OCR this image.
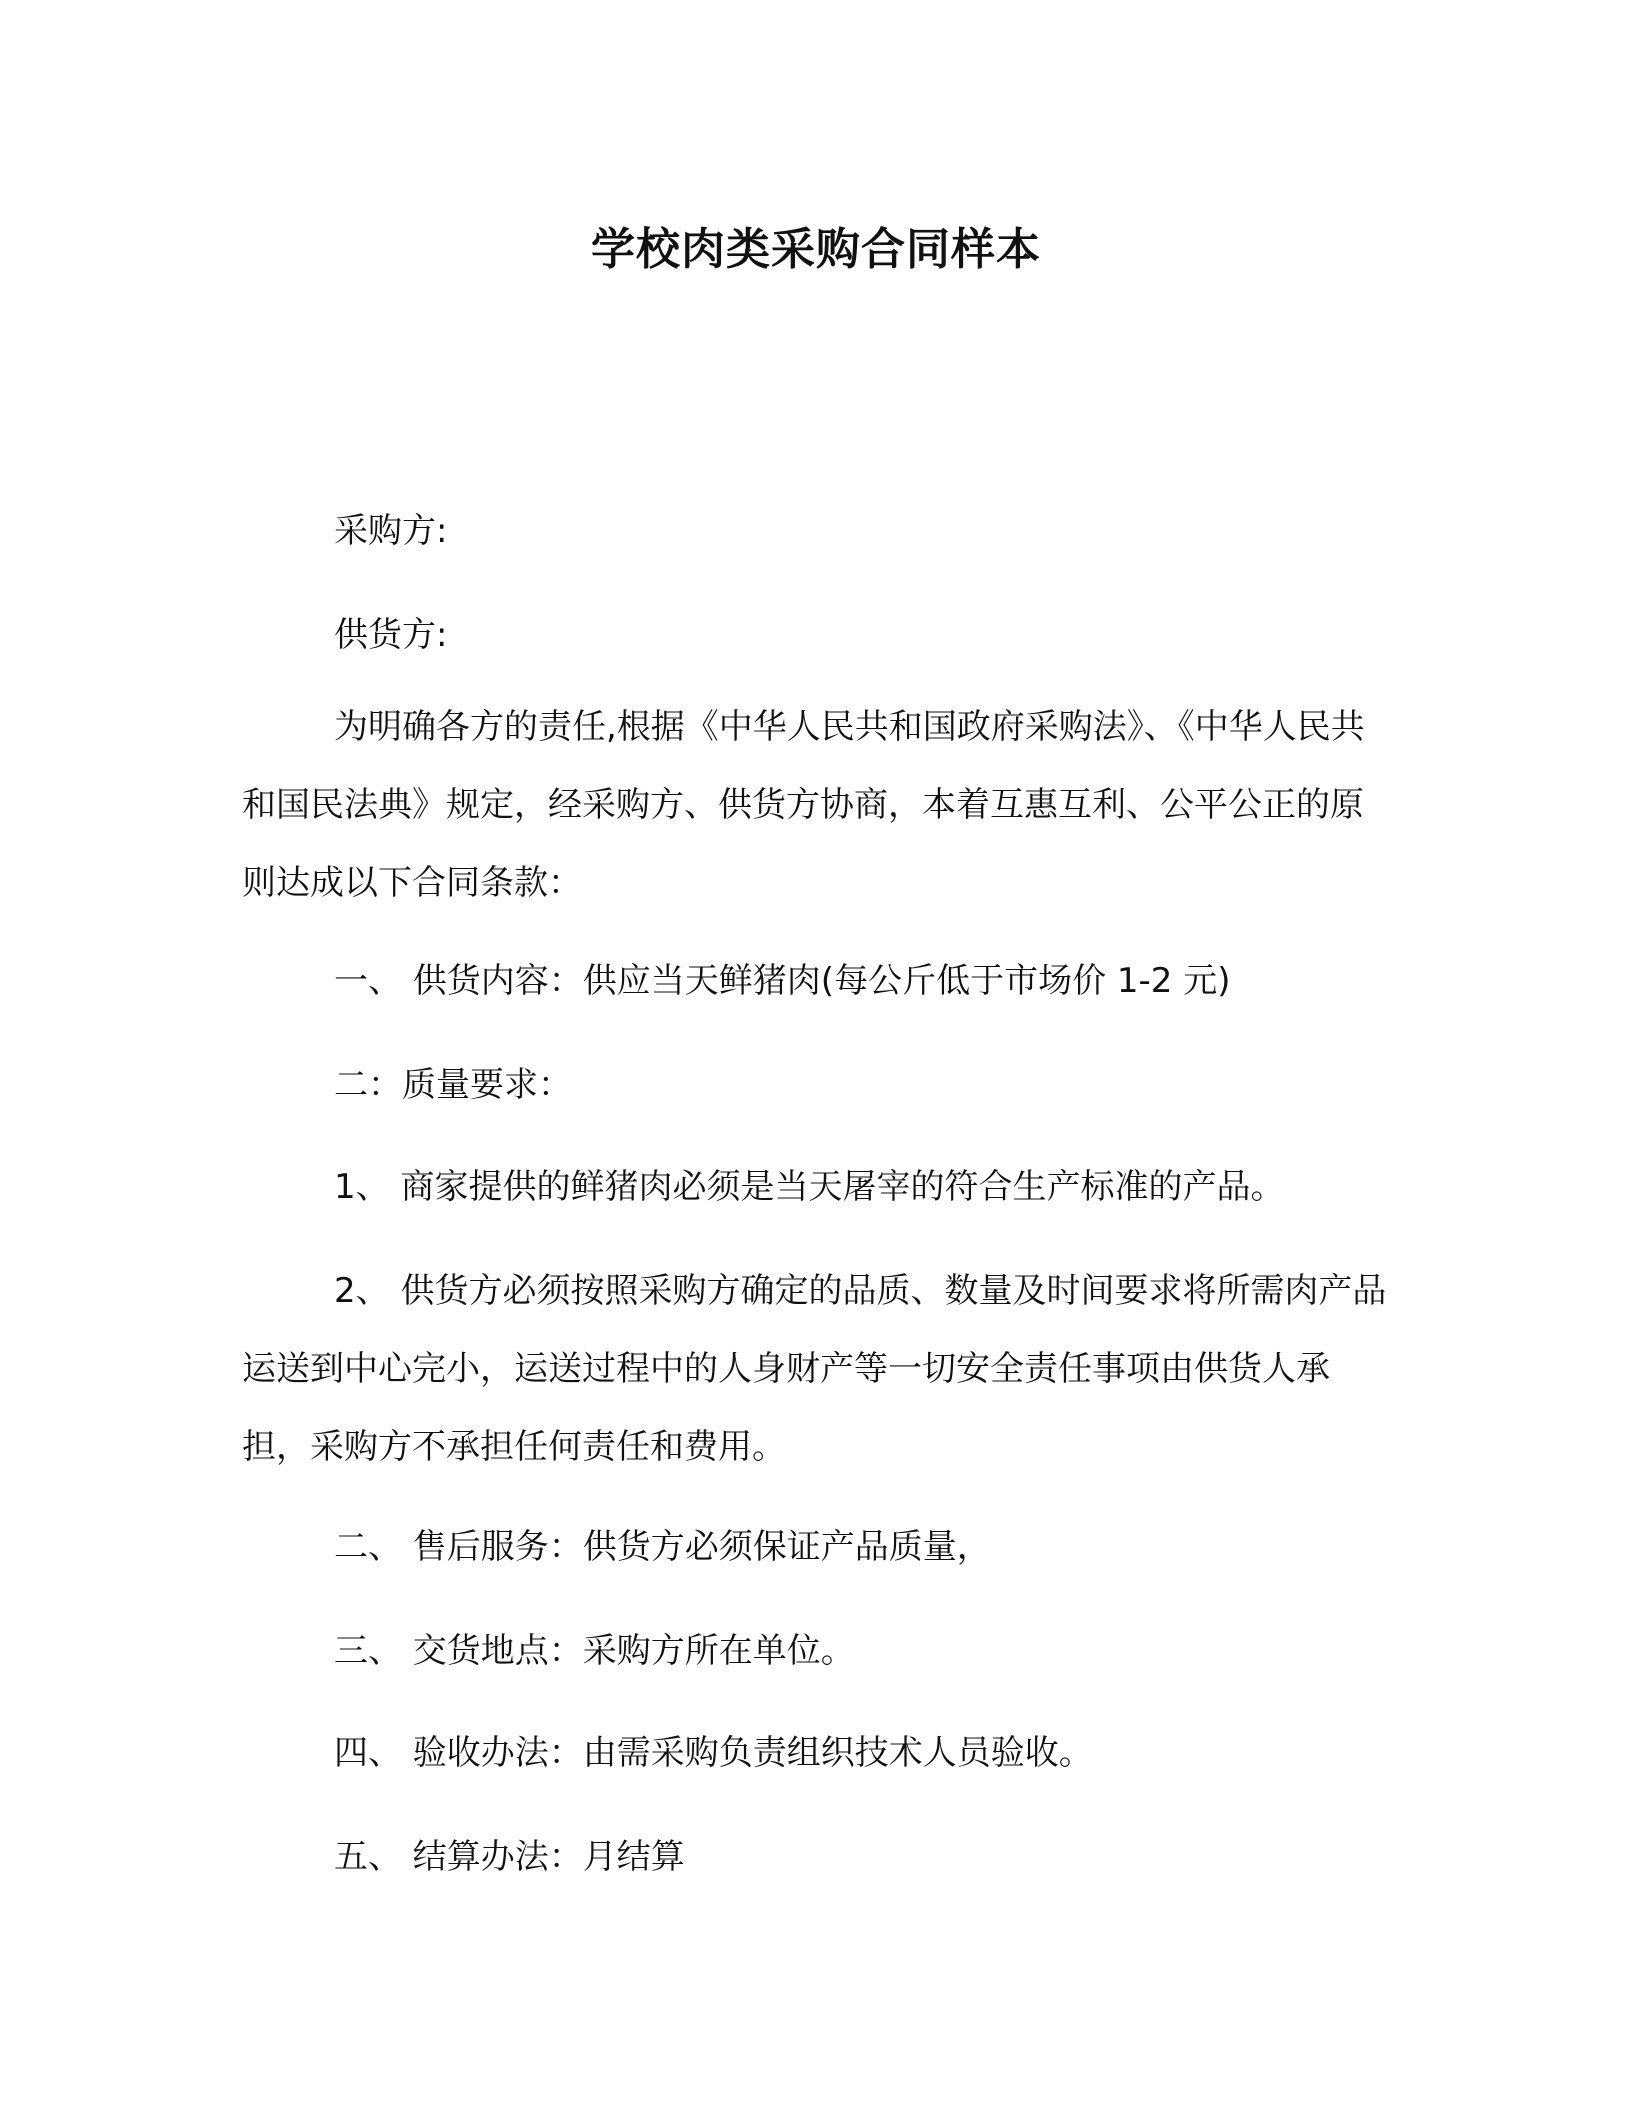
学校肉类采购合同样本
采购方:
供货方:
为明确各方的责任,根据《中华人民共和国政府采购法》、《中华人民共和国民法典》规定，经采购方、供货方协商，本着互惠互利、公平公正的原则达成以下合同条款：
一、 供货内容：供应当天鲜猪肉(每公斤低于市场价 1-2 元)
二：质量要求：
1、 商家提供的鲜猪肉必须是当天屠宰的符合生产标准的产品。
2、 供货方必须按照采购方确定的品质、数量及时间要求将所需肉产品运送到中心完小，运送过程中的人身财产等一切安全责任事项由供货人承担，采购方不承担任何责任和费用。
二、 售后服务：供货方必须保证产品质量，
三、 交货地点：采购方所在单位。
四、 验收办法：由需采购负责组织技术人员验收。
五、 结算办法：月结算
